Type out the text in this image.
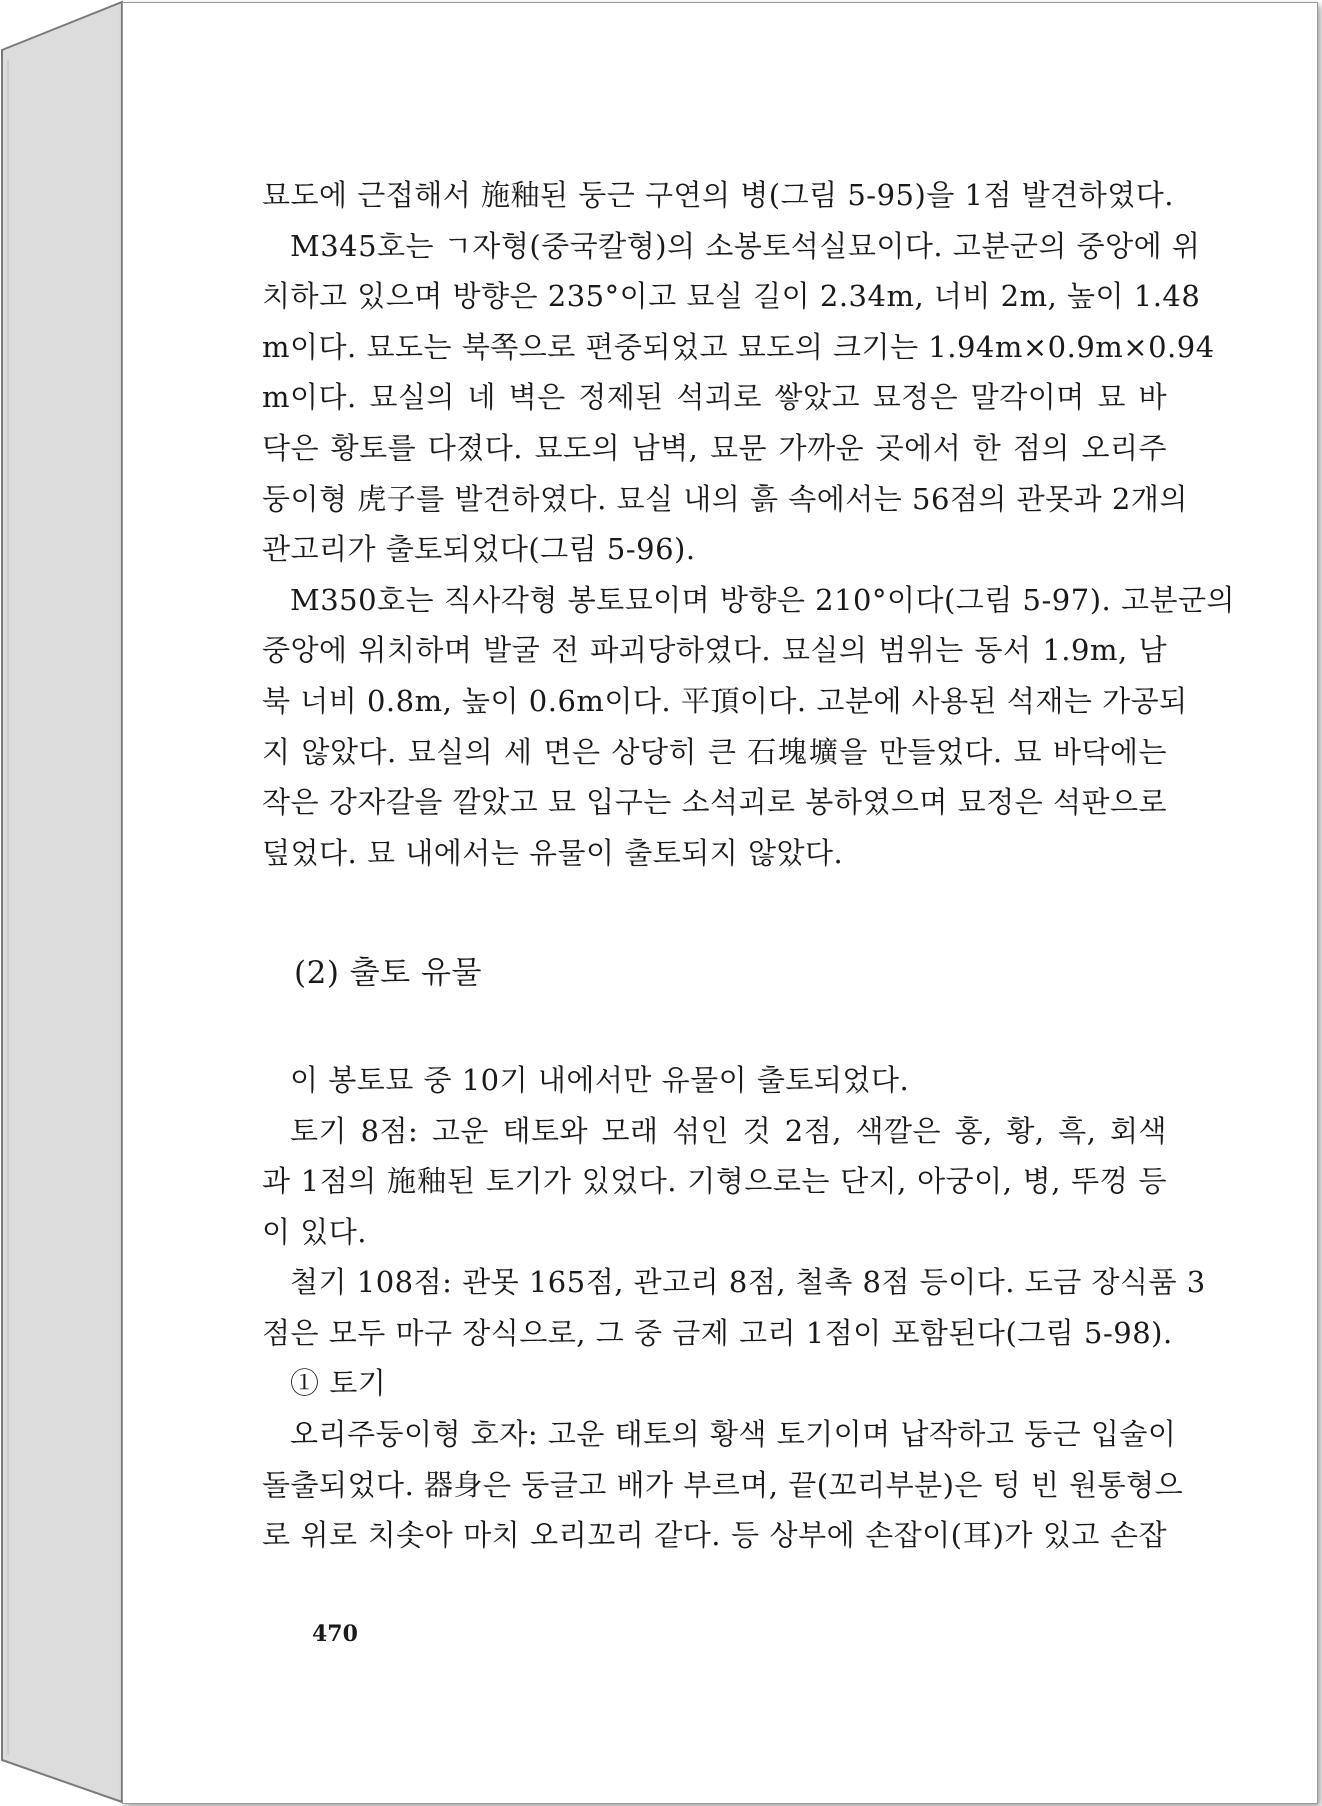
묘도에 근접해서 施釉된 둥근 구연의 병(그림 5-95)을 1점 발견하였다.
M345호는 ㄱ자형(중국칼형)의 소봉토석실묘이다. 고분군의 중앙에 위
치하고 있으며 방향은 235°이고 묘실 길이 2.34m, 너비 2m, 높이 1.48
m이다. 묘도는 북쪽으로 편중되었고 묘도의 크기는 1.94m×0.9m×0.94
m이다. 묘실의 네 벽은 정제된 석괴로 쌓았고 묘정은 말각이며 묘 바
닥은 황토를 다졌다. 묘도의 남벽, 묘문 가까운 곳에서 한 점의 오리주
둥이형 虎子를 발견하였다. 묘실 내의 흙 속에서는 56점의 관못과 2개의
관고리가 출토되었다(그림 5-96).
M350호는 직사각형 봉토묘이며 방향은 210°이다(그림 5-97). 고분군의
중앙에 위치하며 발굴 전 파괴당하였다. 묘실의 범위는 동서 1.9m, 남
북 너비 0.8m, 높이 0.6m이다. 平頂이다. 고분에 사용된 석재는 가공되
지 않았다. 묘실의 세 면은 상당히 큰 石塊壙을 만들었다. 묘 바닥에는
작은 강자갈을 깔았고 묘 입구는 소석괴로 봉하였으며 묘정은 석판으로
덮었다. 묘 내에서는 유물이 출토되지 않았다.
(2) 출토 유물
이 봉토묘 중 10기 내에서만 유물이 출토되었다.
토기 8점: 고운 태토와 모래 섞인 것 2점, 색깔은 홍, 황, 흑, 회색
과 1점의 施釉된 토기가 있었다. 기형으로는 단지, 아궁이, 병, 뚜껑 등
이 있다.
철기 108점: 관못 165점, 관고리 8점, 철촉 8점 등이다. 도금 장식품 3
점은 모두 마구 장식으로, 그 중 금제 고리 1점이 포함된다(그림 5-98).
① 토기
오리주둥이형 호자: 고운 태토의 황색 토기이며 납작하고 둥근 입술이
돌출되었다. 器身은 둥글고 배가 부르며, 끝(꼬리부분)은 텅 빈 원통형으
로 위로 치솟아 마치 오리꼬리 같다. 등 상부에 손잡이(耳)가 있고 손잡
470
